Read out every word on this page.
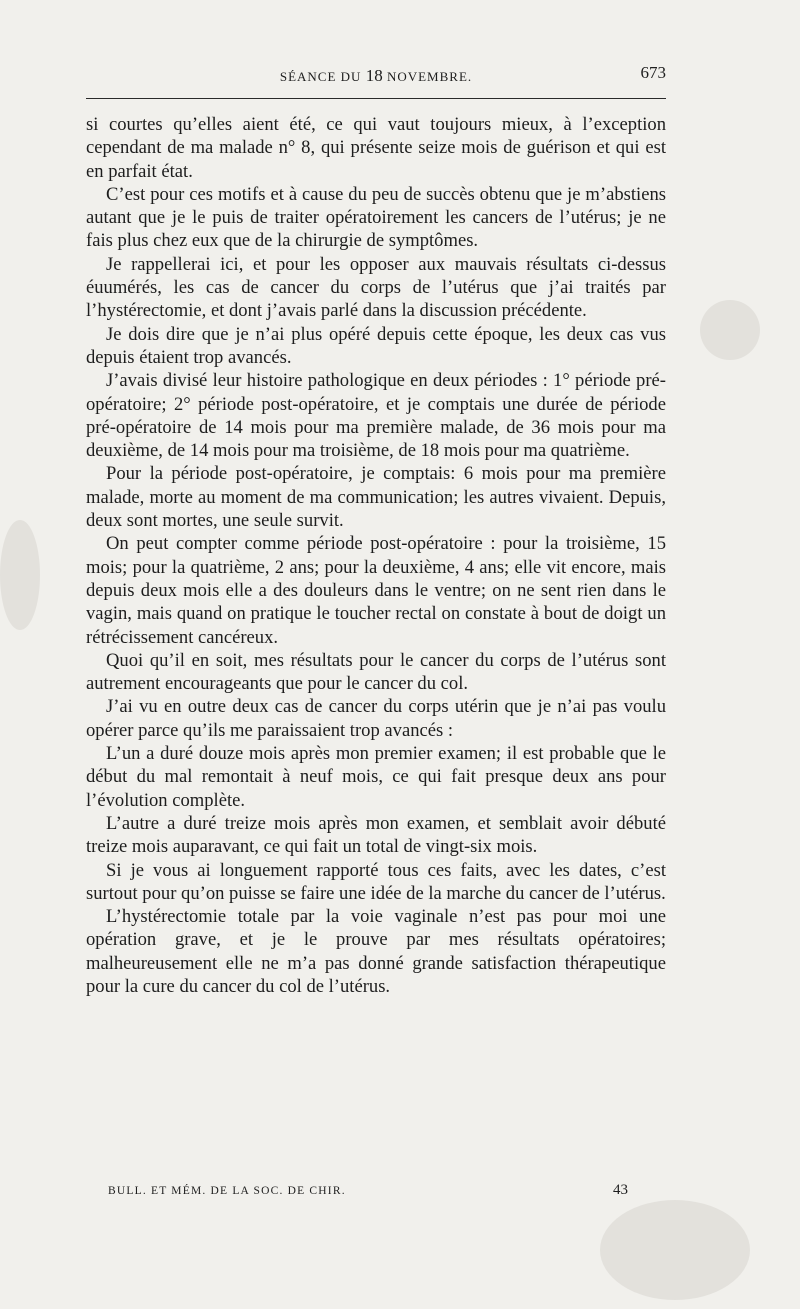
SÉANCE DU 18 NOVEMBRE.	673

si courtes qu’elles aient été, ce qui vaut toujours mieux, à l’exception cependant de ma malade n° 8, qui présente seize mois de guérison et qui est en parfait état.

C’est pour ces motifs et à cause du peu de succès obtenu que je m’abstiens autant que je le puis de traiter opératoirement les cancers de l’utérus; je ne fais plus chez eux que de la chirurgie de symptômes.

Je rappellerai ici, et pour les opposer aux mauvais résultats ci-dessus éuumérés, les cas de cancer du corps de l’utérus que j’ai traités par l’hystérectomie, et dont j’avais parlé dans la discussion précédente.

Je dois dire que je n’ai plus opéré depuis cette époque, les deux cas vus depuis étaient trop avancés.

J’avais divisé leur histoire pathologique en deux périodes : 1° période pré-opératoire; 2° période post-opératoire, et je comptais une durée de période pré-opératoire de 14 mois pour ma première malade, de 36 mois pour ma deuxième, de 14 mois pour ma troisième, de 18 mois pour ma quatrième.

Pour la période post-opératoire, je comptais: 6 mois pour ma première malade, morte au moment de ma communication; les autres vivaient. Depuis, deux sont mortes, une seule survit.

On peut compter comme période post-opératoire : pour la troisième, 15 mois; pour la quatrième, 2 ans; pour la deuxième, 4 ans; elle vit encore, mais depuis deux mois elle a des douleurs dans le ventre; on ne sent rien dans le vagin, mais quand on pratique le toucher rectal on constate à bout de doigt un rétrécissement cancéreux.

Quoi qu’il en soit, mes résultats pour le cancer du corps de l’utérus sont autrement encourageants que pour le cancer du col.

J’ai vu en outre deux cas de cancer du corps utérin que je n’ai pas voulu opérer parce qu’ils me paraissaient trop avancés :

L’un a duré douze mois après mon premier examen; il est probable que le début du mal remontait à neuf mois, ce qui fait presque deux ans pour l’évolution complète.

L’autre a duré treize mois après mon examen, et semblait avoir débuté treize mois auparavant, ce qui fait un total de vingt-six mois.

Si je vous ai longuement rapporté tous ces faits, avec les dates, c’est surtout pour qu’on puisse se faire une idée de la marche du cancer de l’utérus.

L’hystérectomie totale par la voie vaginale n’est pas pour moi une opération grave, et je le prouve par mes résultats opératoires; malheureusement elle ne m’a pas donné grande satisfaction thérapeutique pour la cure du cancer du col de l’utérus.

BULL. ET MÉM. DE LA SOC. DE CHIR.	43
